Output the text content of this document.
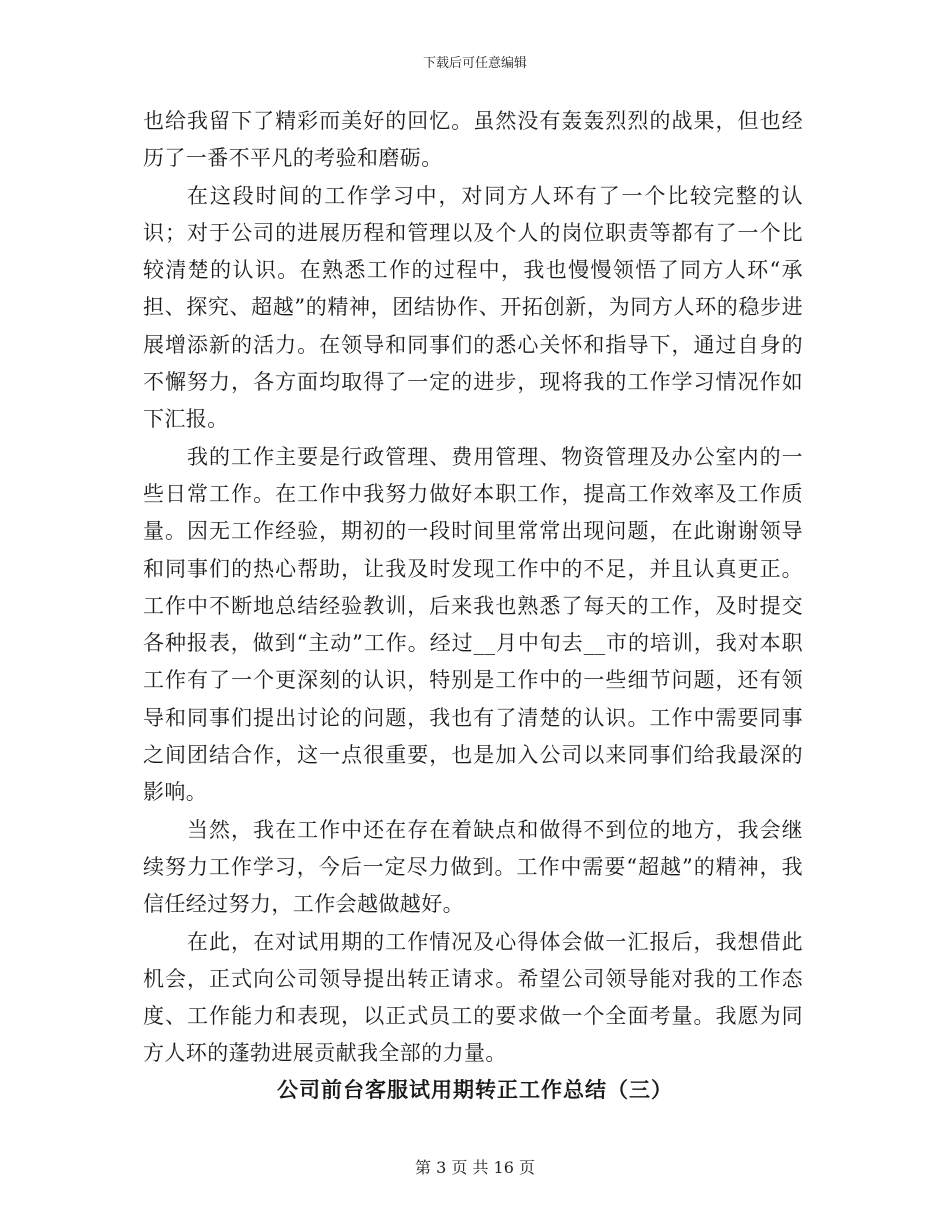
下载后可任意编辑

也给我留下了精彩而美好的回忆。虽然没有轰轰烈烈的战果，但也经历了一番不平凡的考验和磨砺。

在这段时间的工作学习中，对同方人环有了一个比较完整的认识；对于公司的进展历程和管理以及个人的岗位职责等都有了一个比较清楚的认识。在熟悉工作的过程中，我也慢慢领悟了同方人环“承担、探究、超越”的精神，团结协作、开拓创新，为同方人环的稳步进展增添新的活力。在领导和同事们的悉心关怀和指导下，通过自身的不懈努力，各方面均取得了一定的进步，现将我的工作学习情况作如下汇报。

我的工作主要是行政管理、费用管理、物资管理及办公室内的一些日常工作。在工作中我努力做好本职工作，提高工作效率及工作质量。因无工作经验，期初的一段时间里常常出现问题，在此谢谢领导和同事们的热心帮助，让我及时发现工作中的不足，并且认真更正。工作中不断地总结经验教训，后来我也熟悉了每天的工作，及时提交各种报表，做到“主动”工作。经过__月中旬去__市的培训，我对本职工作有了一个更深刻的认识，特别是工作中的一些细节问题，还有领导和同事们提出讨论的问题，我也有了清楚的认识。工作中需要同事之间团结合作，这一点很重要，也是加入公司以来同事们给我最深的影响。

当然，我在工作中还在存在着缺点和做得不到位的地方，我会继续努力工作学习，今后一定尽力做到。工作中需要“超越”的精神，我信任经过努力，工作会越做越好。

在此，在对试用期的工作情况及心得体会做一汇报后，我想借此机会，正式向公司领导提出转正请求。希望公司领导能对我的工作态度、工作能力和表现，以正式员工的要求做一个全面考量。我愿为同方人环的蓬勃进展贡献我全部的力量。

公司前台客服试用期转正工作总结（三）
第 3 页 共 16 页
